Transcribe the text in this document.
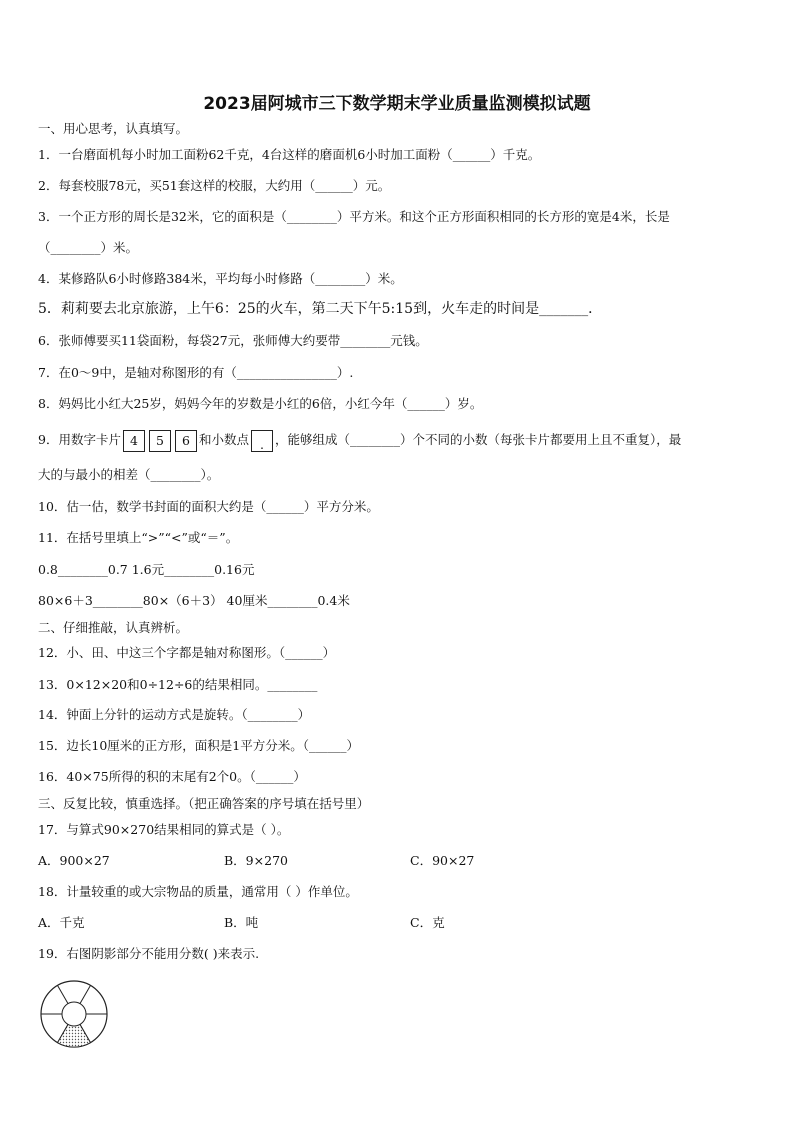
2023届阿城市三下数学期末学业质量监测模拟试题
一、用心思考，认真填写。
1．一台磨面机每小时加工面粉62千克，4台这样的磨面机6小时加工面粉（______）千克。
2．每套校服78元，买51套这样的校服，大约用（______）元。
3．一个正方形的周长是32米，它的面积是（________）平方米。和这个正方形面积相同的长方形的宽是4米，长是
（________）米。
4．某修路队6小时修路384米，平均每小时修路（________）米。
5．莉莉要去北京旅游，上午6：25的火车，第二天下午5:15到，火车走的时间是_______．
6．张师傅要买11袋面粉，每袋27元，张师傅大约要带________元钱。
7．在0～9中，是轴对称图形的有（________________）.
8．妈妈比小红大25岁，妈妈今年的岁数是小红的6倍，小红今年（______）岁。
9．用数字卡片 4 5 6 和小数点 . ，能够组成（________）个不同的小数（每张卡片都要用上且不重复），最
大的与最小的相差（________）。
10．估一估，数学书封面的面积大约是（______）平方分米。
11．在括号里填上“>”“<”或“＝”。
0.8________0.7 1.6元________0.16元
80×6＋3________80×（6＋3） 40厘米________0.4米
二、仔细推敲，认真辨析。
12．小、田、中这三个字都是轴对称图形。（______）
13．0×12×20和0÷12÷6的结果相同。________
14．钟面上分针的运动方式是旋转。（________）
15．边长10厘米的正方形，面积是1平方分米。（______）
16．40×75所得的积的末尾有2个0。（______）
三、反复比较，慎重选择。（把正确答案的序号填在括号里）
17．与算式90×270结果相同的算式是（ ）。
A．900×27	B．9×270	C．90×27
18．计量较重的或大宗物品的质量，通常用（ ）作单位。
A．千克	B．吨	C．克
19．右图阴影部分不能用分数( )来表示.
